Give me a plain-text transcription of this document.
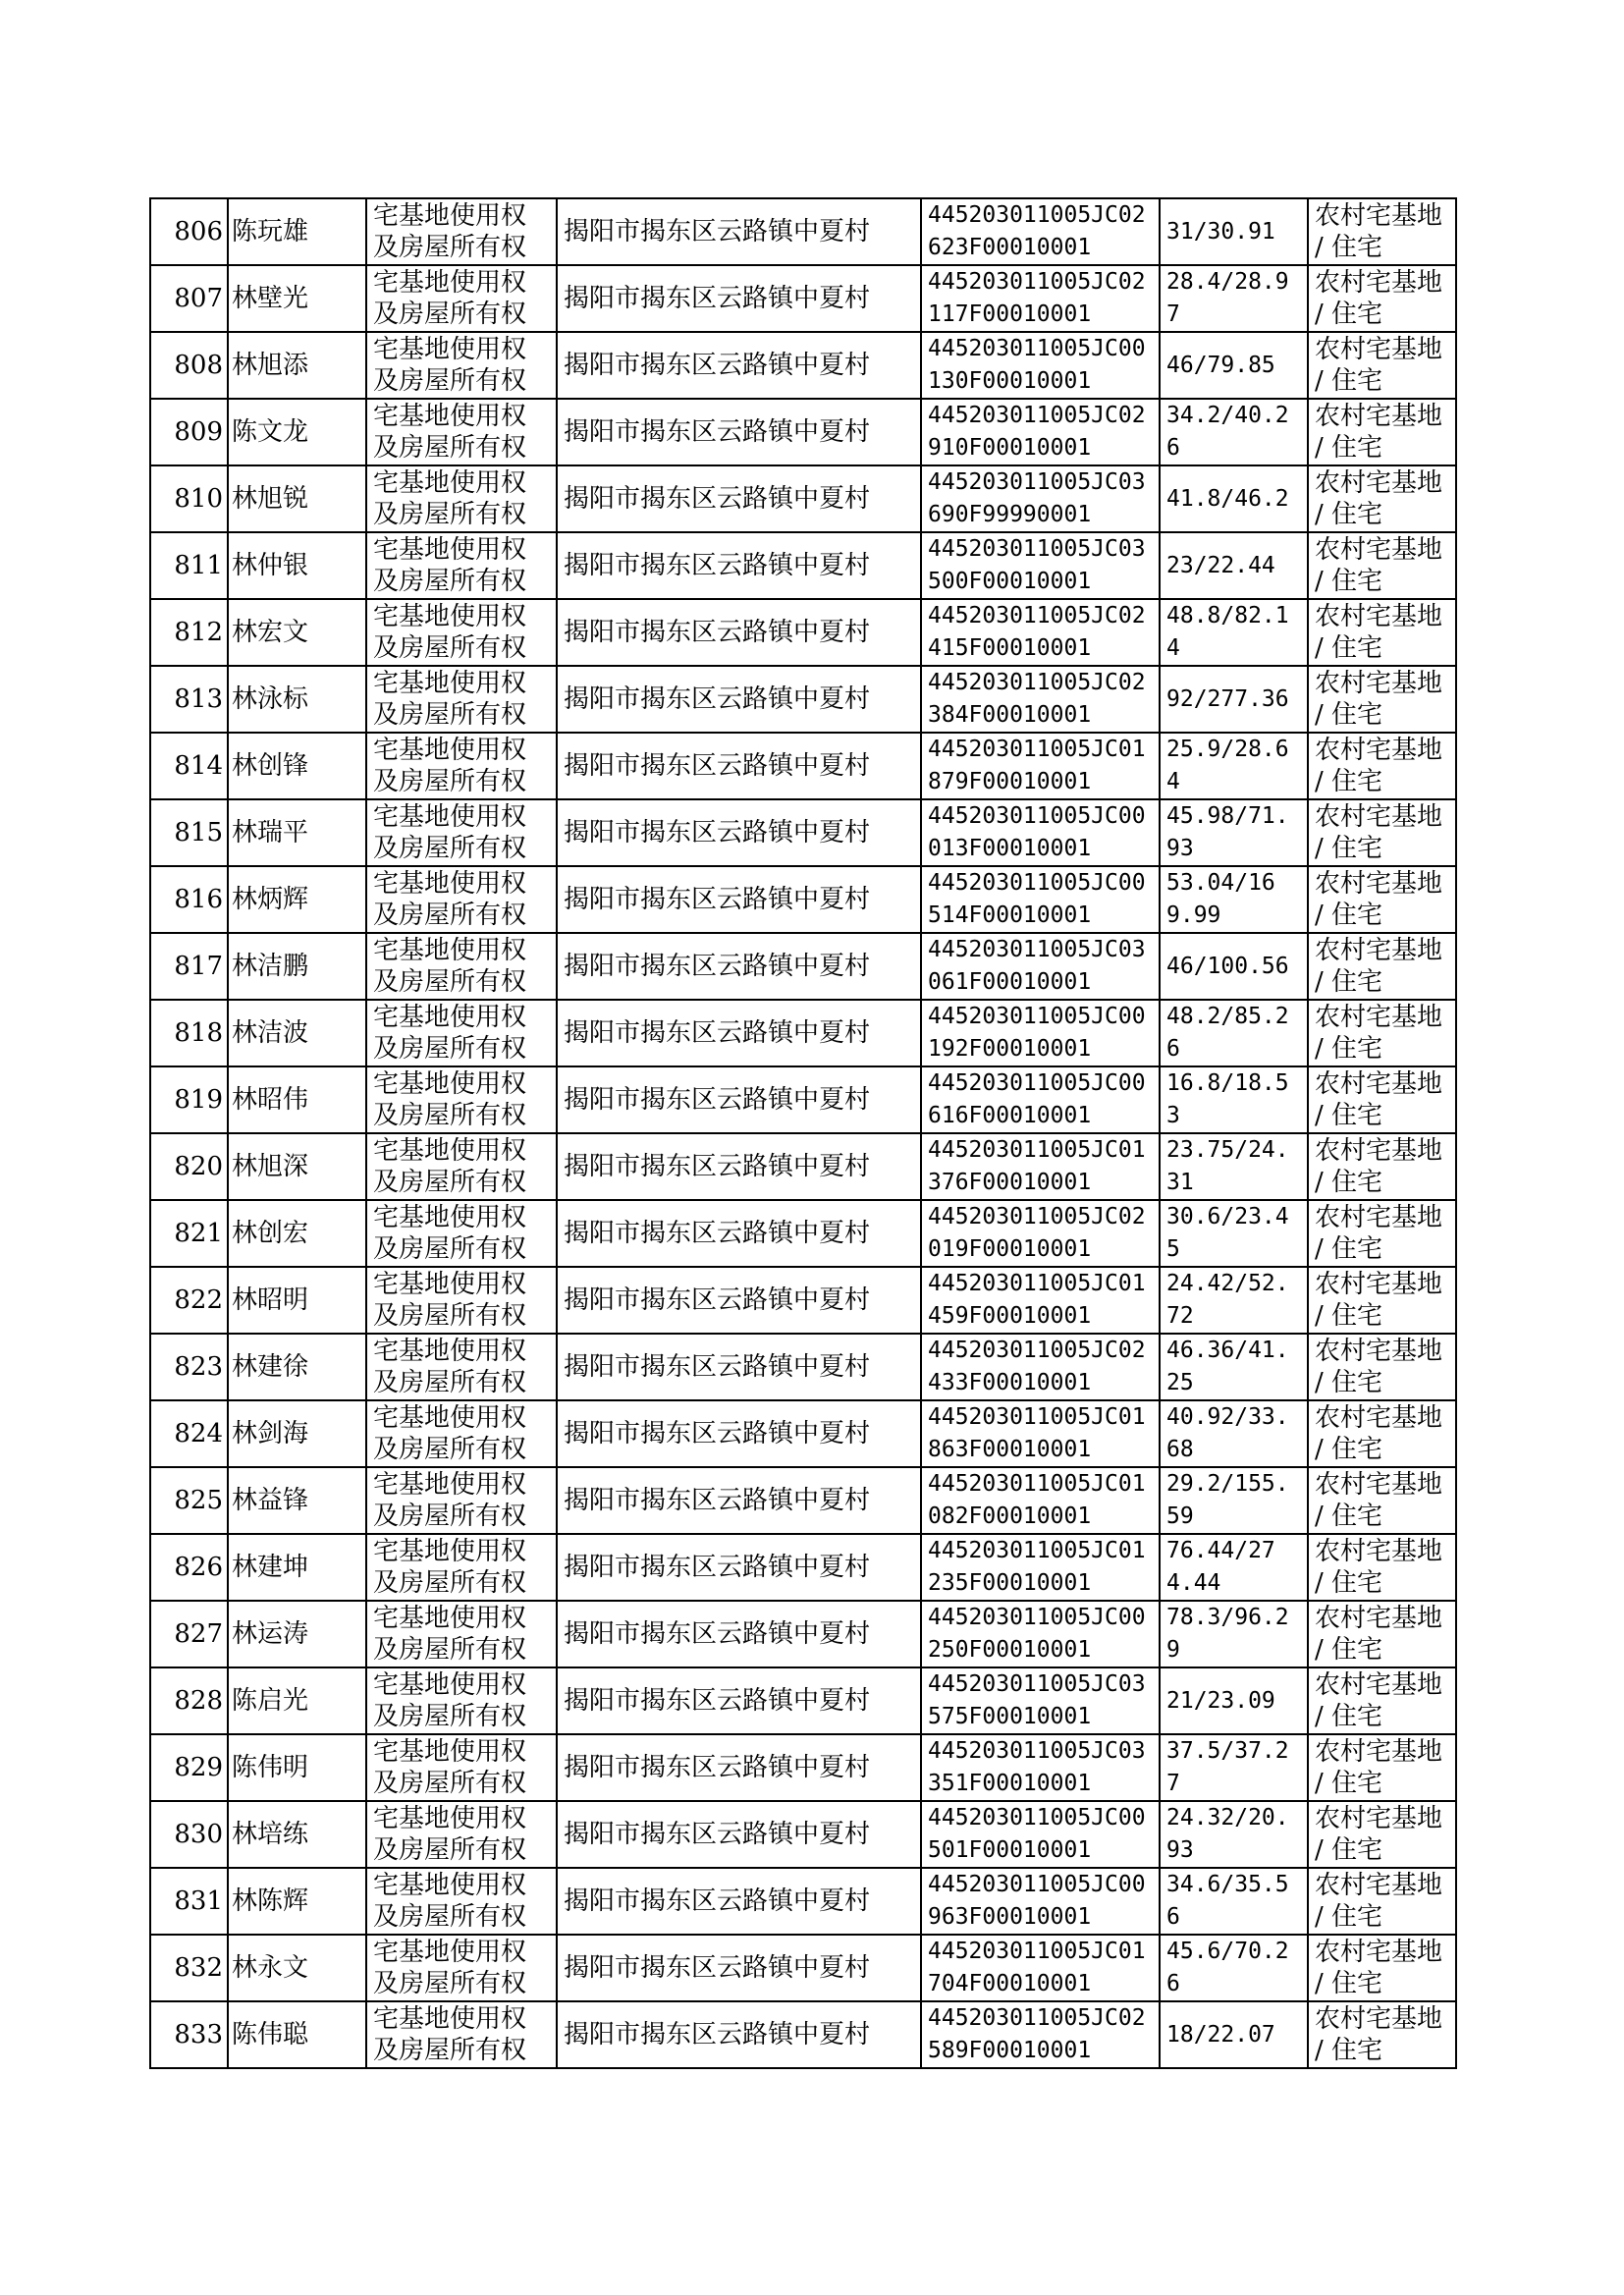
806	陈玩雄	宅基地使用权及房屋所有权	揭阳市揭东区云路镇中夏村	445203011005JC02623F00010001	31/30.91	农村宅基地 / 住宅
807	林壁光	宅基地使用权及房屋所有权	揭阳市揭东区云路镇中夏村	445203011005JC02117F00010001	28.4/28.97	农村宅基地 / 住宅
808	林旭添	宅基地使用权及房屋所有权	揭阳市揭东区云路镇中夏村	445203011005JC00130F00010001	46/79.85	农村宅基地 / 住宅
809	陈文龙	宅基地使用权及房屋所有权	揭阳市揭东区云路镇中夏村	445203011005JC02910F00010001	34.2/40.26	农村宅基地 / 住宅
810	林旭锐	宅基地使用权及房屋所有权	揭阳市揭东区云路镇中夏村	445203011005JC03690F99990001	41.8/46.2	农村宅基地 / 住宅
811	林仲银	宅基地使用权及房屋所有权	揭阳市揭东区云路镇中夏村	445203011005JC03500F00010001	23/22.44	农村宅基地 / 住宅
812	林宏文	宅基地使用权及房屋所有权	揭阳市揭东区云路镇中夏村	445203011005JC02415F00010001	48.8/82.14	农村宅基地 / 住宅
813	林泳标	宅基地使用权及房屋所有权	揭阳市揭东区云路镇中夏村	445203011005JC02384F00010001	92/277.36	农村宅基地 / 住宅
814	林创锋	宅基地使用权及房屋所有权	揭阳市揭东区云路镇中夏村	445203011005JC01879F00010001	25.9/28.64	农村宅基地 / 住宅
815	林瑞平	宅基地使用权及房屋所有权	揭阳市揭东区云路镇中夏村	445203011005JC00013F00010001	45.98/71.93	农村宅基地 / 住宅
816	林炳辉	宅基地使用权及房屋所有权	揭阳市揭东区云路镇中夏村	445203011005JC00514F00010001	53.04/169.99	农村宅基地 / 住宅
817	林洁鹏	宅基地使用权及房屋所有权	揭阳市揭东区云路镇中夏村	445203011005JC03061F00010001	46/100.56	农村宅基地 / 住宅
818	林洁波	宅基地使用权及房屋所有权	揭阳市揭东区云路镇中夏村	445203011005JC00192F00010001	48.2/85.26	农村宅基地 / 住宅
819	林昭伟	宅基地使用权及房屋所有权	揭阳市揭东区云路镇中夏村	445203011005JC00616F00010001	16.8/18.53	农村宅基地 / 住宅
820	林旭深	宅基地使用权及房屋所有权	揭阳市揭东区云路镇中夏村	445203011005JC01376F00010001	23.75/24.31	农村宅基地 / 住宅
821	林创宏	宅基地使用权及房屋所有权	揭阳市揭东区云路镇中夏村	445203011005JC02019F00010001	30.6/23.45	农村宅基地 / 住宅
822	林昭明	宅基地使用权及房屋所有权	揭阳市揭东区云路镇中夏村	445203011005JC01459F00010001	24.42/52.72	农村宅基地 / 住宅
823	林建徐	宅基地使用权及房屋所有权	揭阳市揭东区云路镇中夏村	445203011005JC02433F00010001	46.36/41.25	农村宅基地 / 住宅
824	林剑海	宅基地使用权及房屋所有权	揭阳市揭东区云路镇中夏村	445203011005JC01863F00010001	40.92/33.68	农村宅基地 / 住宅
825	林益锋	宅基地使用权及房屋所有权	揭阳市揭东区云路镇中夏村	445203011005JC01082F00010001	29.2/155.59	农村宅基地 / 住宅
826	林建坤	宅基地使用权及房屋所有权	揭阳市揭东区云路镇中夏村	445203011005JC01235F00010001	76.44/274.44	农村宅基地 / 住宅
827	林运涛	宅基地使用权及房屋所有权	揭阳市揭东区云路镇中夏村	445203011005JC00250F00010001	78.3/96.29	农村宅基地 / 住宅
828	陈启光	宅基地使用权及房屋所有权	揭阳市揭东区云路镇中夏村	445203011005JC03575F00010001	21/23.09	农村宅基地 / 住宅
829	陈伟明	宅基地使用权及房屋所有权	揭阳市揭东区云路镇中夏村	445203011005JC03351F00010001	37.5/37.27	农村宅基地 / 住宅
830	林培练	宅基地使用权及房屋所有权	揭阳市揭东区云路镇中夏村	445203011005JC00501F00010001	24.32/20.93	农村宅基地 / 住宅
831	林陈辉	宅基地使用权及房屋所有权	揭阳市揭东区云路镇中夏村	445203011005JC00963F00010001	34.6/35.56	农村宅基地 / 住宅
832	林永文	宅基地使用权及房屋所有权	揭阳市揭东区云路镇中夏村	445203011005JC01704F00010001	45.6/70.26	农村宅基地 / 住宅
833	陈伟聪	宅基地使用权及房屋所有权	揭阳市揭东区云路镇中夏村	445203011005JC02589F00010001	18/22.07	农村宅基地 / 住宅
